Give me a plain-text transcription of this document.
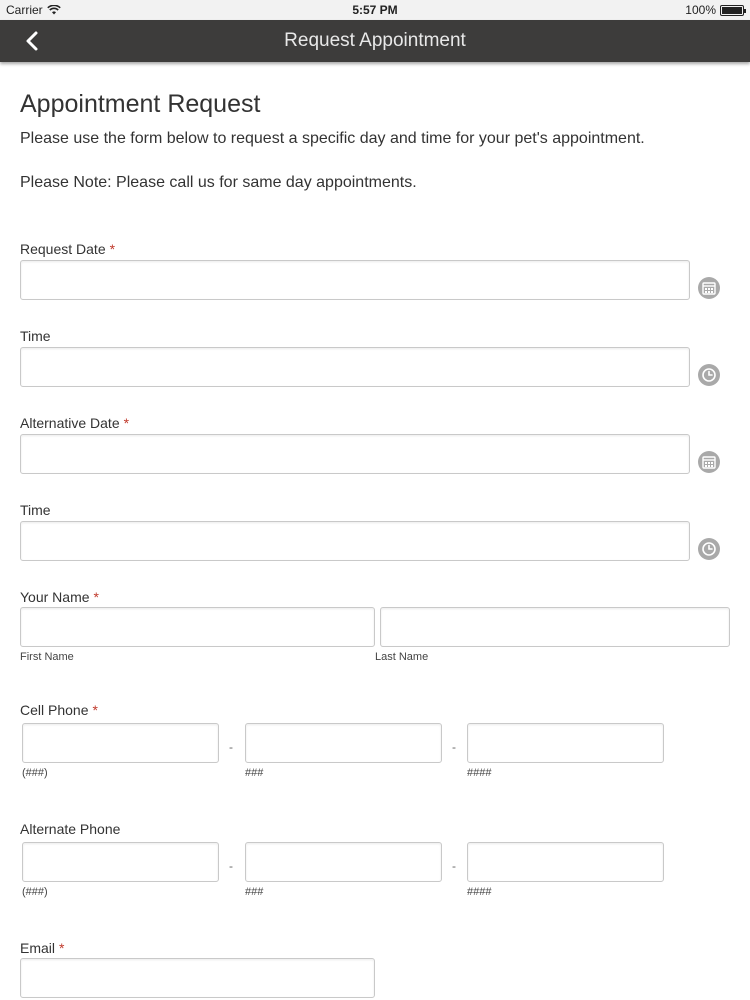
Carrier	5:57 PM	100%
Request Appointment
Appointment Request
Please use the form below to request a specific day and time for your pet's appointment.
Please Note: Please call us for same day appointments.
Request Date *
Time
Alternative Date *
Time
Your Name *
First Name	Last Name
Cell Phone *
-	-
(###)	###	####
Alternate Phone
-	-
(###)	###	####
Email *
